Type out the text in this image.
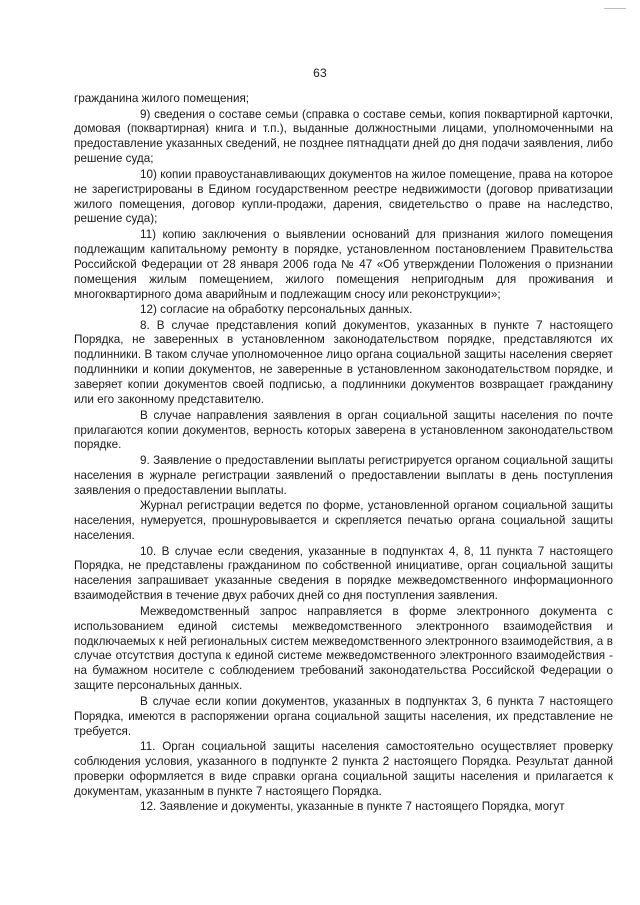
63

гражданина жилого помещения;

9) сведения о составе семьи (справка о составе семьи, копия поквартирной карточки, домовая (поквартирная) книга и т.п.), выданные должностными лицами, уполномоченными на предоставление указанных сведений, не позднее пятнадцати дней до дня подачи заявления, либо решение суда;

10) копии правоустанавливающих документов на жилое помещение, права на которое не зарегистрированы в Едином государственном реестре недвижимости (договор приватизации жилого помещения, договор купли-продажи, дарения, свидетельство о праве на наследство, решение суда);

11) копию заключения о выявлении оснований для признания жилого помещения подлежащим капитальному ремонту в порядке, установленном постановлением Правительства Российской Федерации от 28 января 2006 года № 47 «Об утверждении Положения о признании помещения жилым помещением, жилого помещения непригодным для проживания и многоквартирного дома аварийным и подлежащим сносу или реконструкции»;

12) согласие на обработку персональных данных.

8. В случае представления копий документов, указанных в пункте 7 настоящего Порядка, не заверенных в установленном законодательством порядке, представляются их подлинники. В таком случае уполномоченное лицо органа социальной защиты населения сверяет подлинники и копии документов, не заверенные в установленном законодательством порядке, и заверяет копии документов своей подписью, а подлинники документов возвращает гражданину или его законному представителю.

В случае направления заявления в орган социальной защиты населения по почте прилагаются копии документов, верность которых заверена в установленном законодательством порядке.

9. Заявление о предоставлении выплаты регистрируется органом социальной защиты населения в журнале регистрации заявлений о предоставлении выплаты в день поступления заявления о предоставлении выплаты.

Журнал регистрации ведется по форме, установленной органом социальной защиты населения, нумеруется, прошнуровывается и скрепляется печатью органа социальной защиты населения.

10. В случае если сведения, указанные в подпунктах 4, 8, 11 пункта 7 настоящего Порядка, не представлены гражданином по собственной инициативе, орган социальной защиты населения запрашивает указанные сведения в порядке межведомственного информационного взаимодействия в течение двух рабочих дней со дня поступления заявления.

Межведомственный запрос направляется в форме электронного документа с использованием единой системы межведомственного электронного взаимодействия и подключаемых к ней региональных систем межведомственного электронного взаимодействия, а в случае отсутствия доступа к единой системе межведомственного электронного взаимодействия - на бумажном носителе с соблюдением требований законодательства Российской Федерации о защите персональных данных.

В случае если копии документов, указанных в подпунктах 3, 6 пункта 7 настоящего Порядка, имеются в распоряжении органа социальной защиты населения, их представление не требуется.

11. Орган социальной защиты населения самостоятельно осуществляет проверку соблюдения условия, указанного в подпункте 2 пункта 2 настоящего Порядка. Результат данной проверки оформляется в виде справки органа социальной защиты населения и прилагается к документам, указанным в пункте 7 настоящего Порядка.

12. Заявление и документы, указанные в пункте 7 настоящего Порядка, могут
